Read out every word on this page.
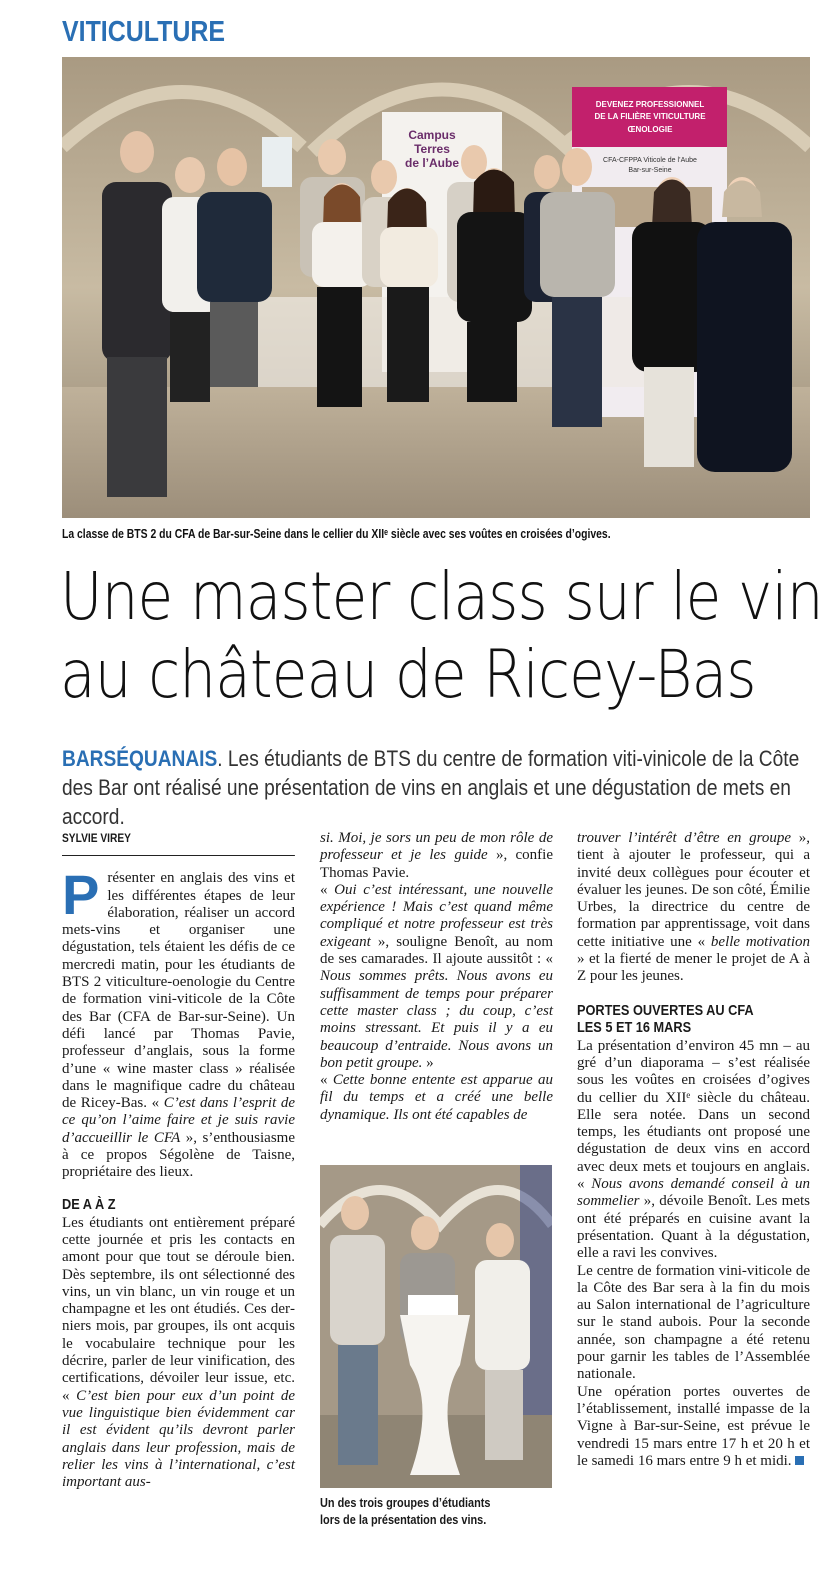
VITICULTURE
DEVENEZ PROFESSIONNEL
DE LA FILIÈRE VITICULTURE
ŒNOLOGIE
CFA-CFPPA Viticole de l’Aube
Bar-sur-Seine
Campus
Terres
de l’Aube
La classe de BTS 2 du CFA de Bar-sur-Seine dans le cellier du XIIᵉ siècle avec ses voûtes en croisées d’ogives.
Une master class sur le vin
au château de Ricey-Bas
BARSÉQUANAIS. Les étudiants de BTS du centre de formation viti-vinicole de la Côte des Bar ont réalisé une présentation de vins en anglais et une dégustation de mets en accord.
SYLVIE VIREY

Présenter en anglais des vins et les différentes étapes de leur élaboration, réaliser un accord mets-vins et organiser une dégustation, tels étaient les défis de ce mercredi matin, pour les étudiants de BTS 2 viticulture-oenologie du Centre de formation vini-viticole de la Côte des Bar (CFA de Bar-sur-Seine). Un défi lancé par Thomas Pavie, professeur d’anglais, sous la forme d’une « wine master class » réalisée dans le magnifique cadre du château de Ricey-Bas. « C’est dans l’esprit de ce qu’on l’aime faire et je suis ravie d’accueillir le CFA », s’enthousiasme à ce propos Ségolène de Taisne, propriétaire des lieux.

DE A À Z

Les étudiants ont entièrement préparé cette journée et pris les contacts en amont pour que tout se déroule bien. Dès septembre, ils ont sélectionné des vins, un vin blanc, un vin rouge et un champagne et les ont étudiés. Ces derniers mois, par groupes, ils ont acquis le vocabulaire technique pour les décrire, parler de leur vinification, des certifications, dévoiler leur issue, etc. « C’est bien pour eux d’un point de vue linguistique bien évidemment car il est évident qu’ils devront parler anglais dans leur profession, mais de relier les vins à l’international, c’est important aus-

si. Moi, je sors un peu de mon rôle de professeur et je les guide », confie Thomas Pavie.

« Oui c’est intéressant, une nouvelle expérience ! Mais c’est quand même compliqué et notre professeur est très exigeant », souligne Benoît, au nom de ses camarades. Il ajoute aussitôt : « Nous sommes prêts. Nous avons eu suffisamment de temps pour préparer cette master class ; du coup, c’est moins stressant. Et puis il y a eu beaucoup d’entraide. Nous avons un bon petit groupe. »

« Cette bonne entente est apparue au fil du temps et a créé une belle dynamique. Ils ont été capables de

Un des trois groupes d’étudiants
lors de la présentation des vins.

trouver l’intérêt d’être en groupe », tient à ajouter le professeur, qui a invité deux collègues pour écouter et évaluer les jeunes. De son côté, Émilie Urbes, la directrice du centre de formation par apprentissage, voit dans cette initiative une « belle motivation » et la fierté de mener le projet de A à Z pour les jeunes.

PORTES OUVERTES AU CFA
LES 5 ET 16 MARS

La présentation d’environ 45 mn – au gré d’un diaporama – s’est réalisée sous les voûtes en croisées d’ogives du cellier du XIIᵉ siècle du château. Elle sera notée. Dans un second temps, les étudiants ont proposé une dégustation de deux vins en accord avec deux mets et toujours en anglais. « Nous avons demandé conseil à un sommelier », dévoile Benoît. Les mets ont été préparés en cuisine avant la présentation. Quant à la dégustation, elle a ravi les convives.

Le centre de formation vini-viticole de la Côte des Bar sera à la fin du mois au Salon international de l’agriculture sur le stand aubois. Pour la seconde année, son champagne a été retenu pour garnir les tables de l’Assemblée nationale.

Une opération portes ouvertes de l’établissement, installé impasse de la Vigne à Bar-sur-Seine, est prévue le vendredi 15 mars entre 17 h et 20 h et le samedi 16 mars entre 9 h et midi.
